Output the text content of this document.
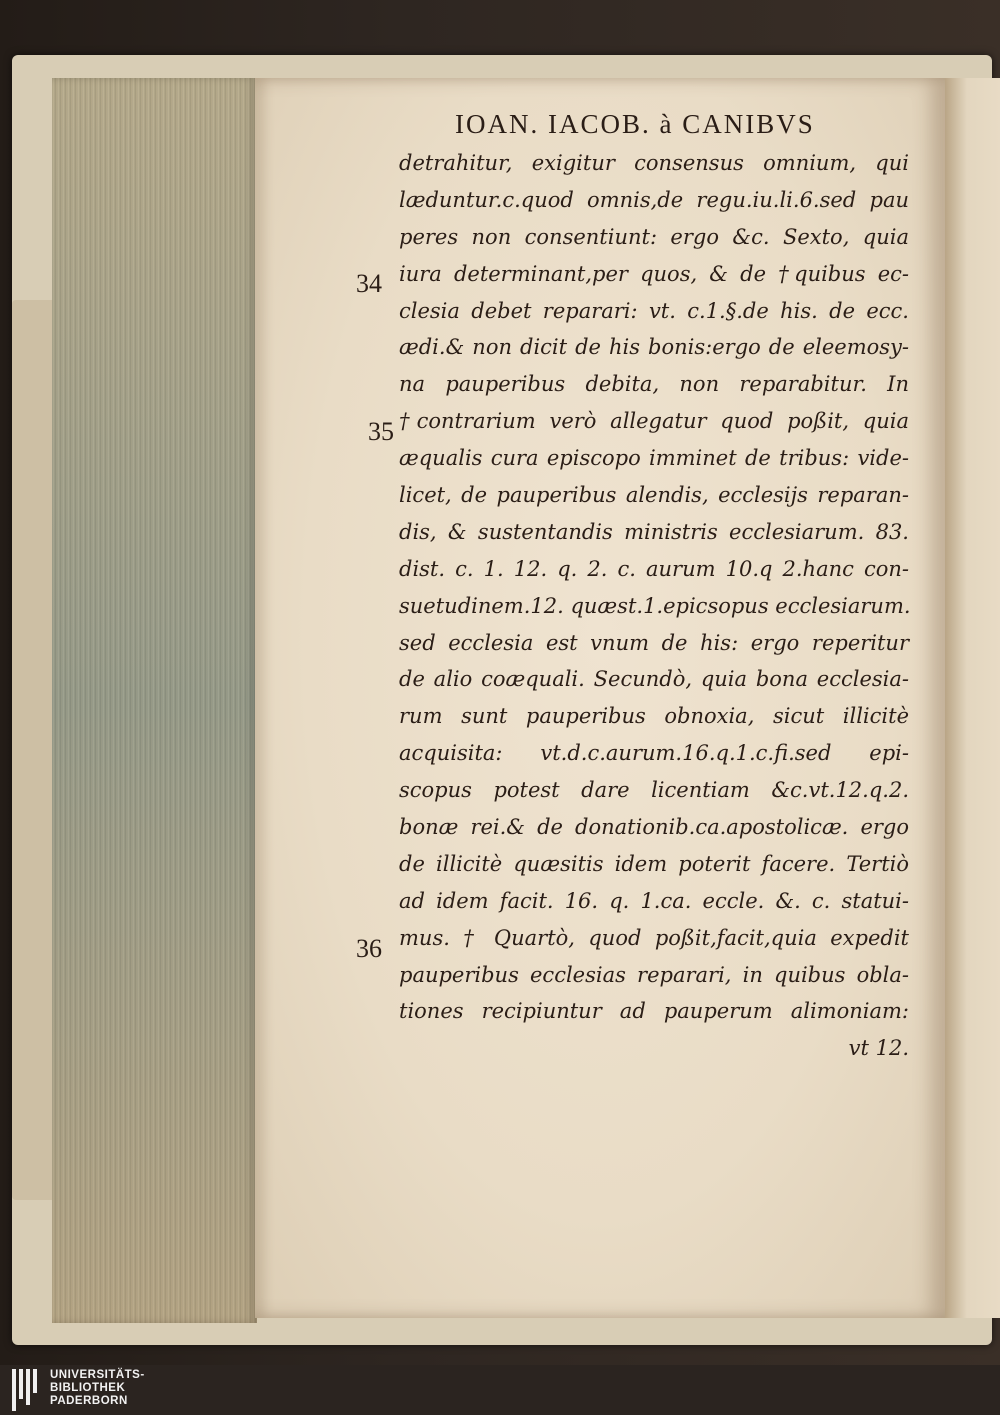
IOAN. IACOB. à CANIBVS
34
35
36
detrahitur, exigitur consensus omnium, qui
læduntur.c.quod omnis,de regu.iu.li.6.sed pau
peres non consentiunt: ergo &c. Sexto, quia
iura determinant,per quos, & de †quibus ec-
clesia debet reparari: vt. c.1.§.de his. de ecc.
ædi.& non dicit de his bonis:ergo de eleemosy-
na pauperibus debita, non reparabitur. In
†contrarium verò allegatur quod poßit, quia
æqualis cura episcopo imminet de tribus: vide-
licet, de pauperibus alendis, ecclesijs reparan-
dis, & sustentandis ministris ecclesiarum. 83.
dist. c. 1. 12. q. 2. c. aurum 10.q 2.hanc con-
suetudinem.12. quæst.1.epicsopus ecclesiarum.
sed ecclesia est vnum de his: ergo reperitur
de alio coæquali. Secundò, quia bona ecclesia-
rum sunt pauperibus obnoxia, sicut illicitè
acquisita: vt.d.c.aurum.16.q.1.c.fi.sed epi-
scopus potest dare licentiam &c.vt.12.q.2.
bonæ rei.& de donationib.ca.apostolicæ. ergo
de illicitè quæsitis idem poterit facere. Tertiò
ad idem facit. 16. q. 1.ca. eccle. &. c. statui-
mus. † Quartò, quod poßit,facit,quia expedit
pauperibus ecclesias reparari, in quibus obla-
tiones recipiuntur ad pauperum alimoniam:
vt 12.
UNIVERSITÄTS-
BIBLIOTHEK
PADERBORN
